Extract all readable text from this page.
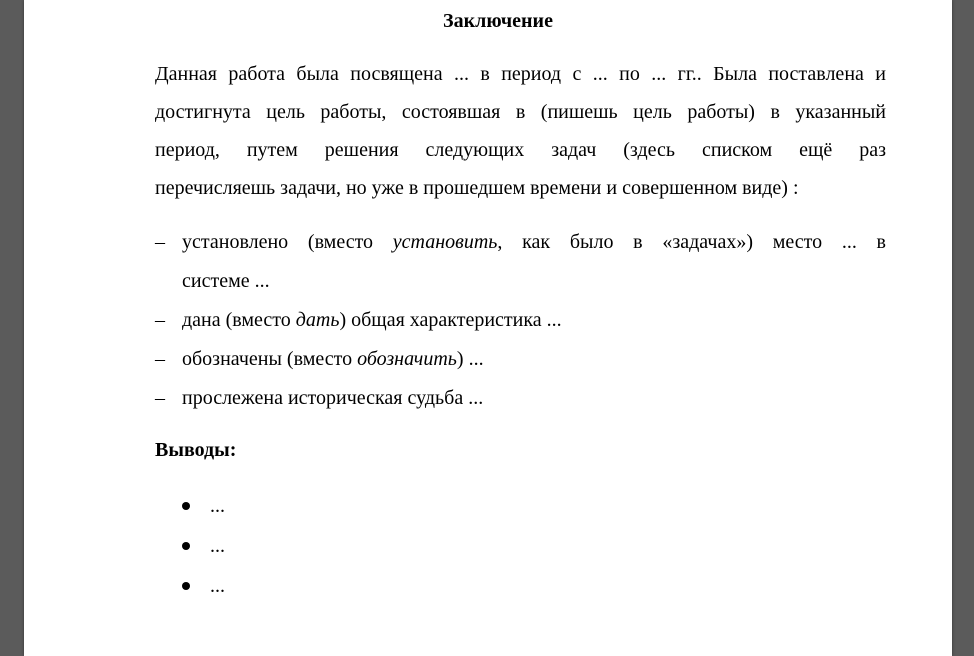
Заключение
Данная работа была посвящена ... в период с ... по ... гг.. Была поставлена и
достигнута цель работы, состоявшая в (пишешь цель работы) в указанный
период, путем решения следующих задач (здесь списком ещё раз
перечисляешь задачи, но уже в прошедшем времени и совершенном виде) :
– установлено (вместо установить, как было в «задачах») место ... в
системе ...
– дана (вместо дать) общая характеристика ...
– обозначены (вместо обозначить) ...
– прослежена историческая судьба ...
Выводы:
...
...
...
